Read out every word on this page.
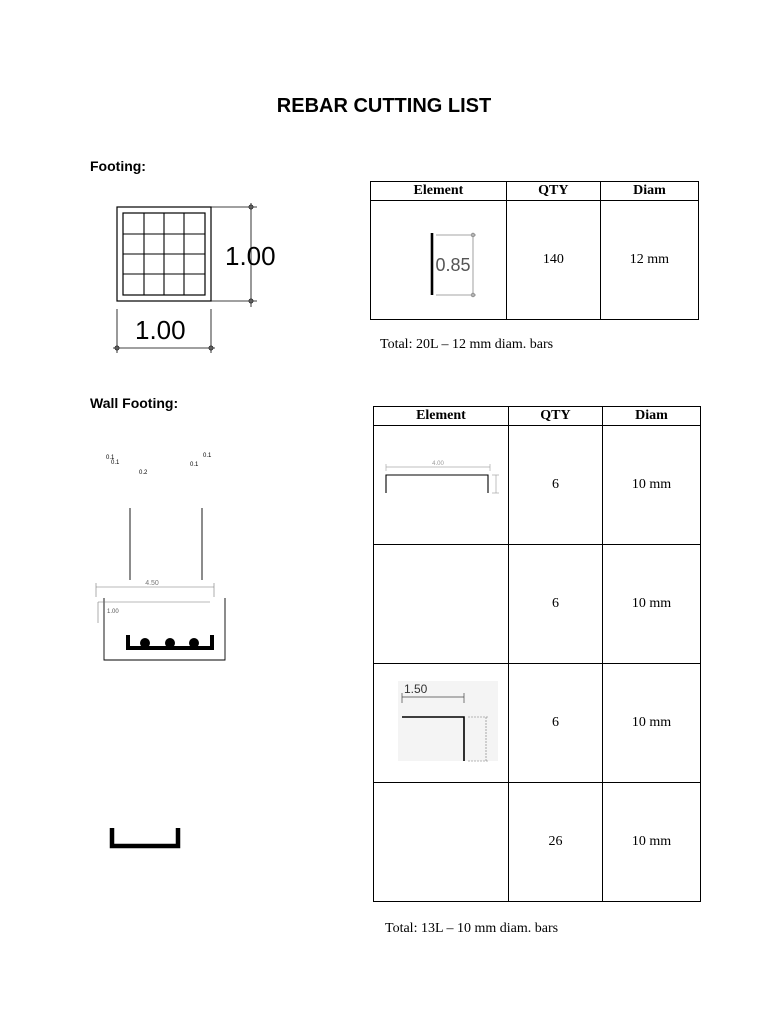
REBAR CUTTING LIST
Footing:
1.00
1.00
Element	QTY	Diam

0.85	140	12 mm
Total: 20L – 12 mm diam. bars
Wall Footing:
0.1
0.1
0.2
0.1
0.1
4.50
1.00
Element	QTY	Diam

4.00	6	10 mm
	6	10 mm

1.50	6	10 mm
	26	10 mm
Total: 13L – 10 mm diam. bars
